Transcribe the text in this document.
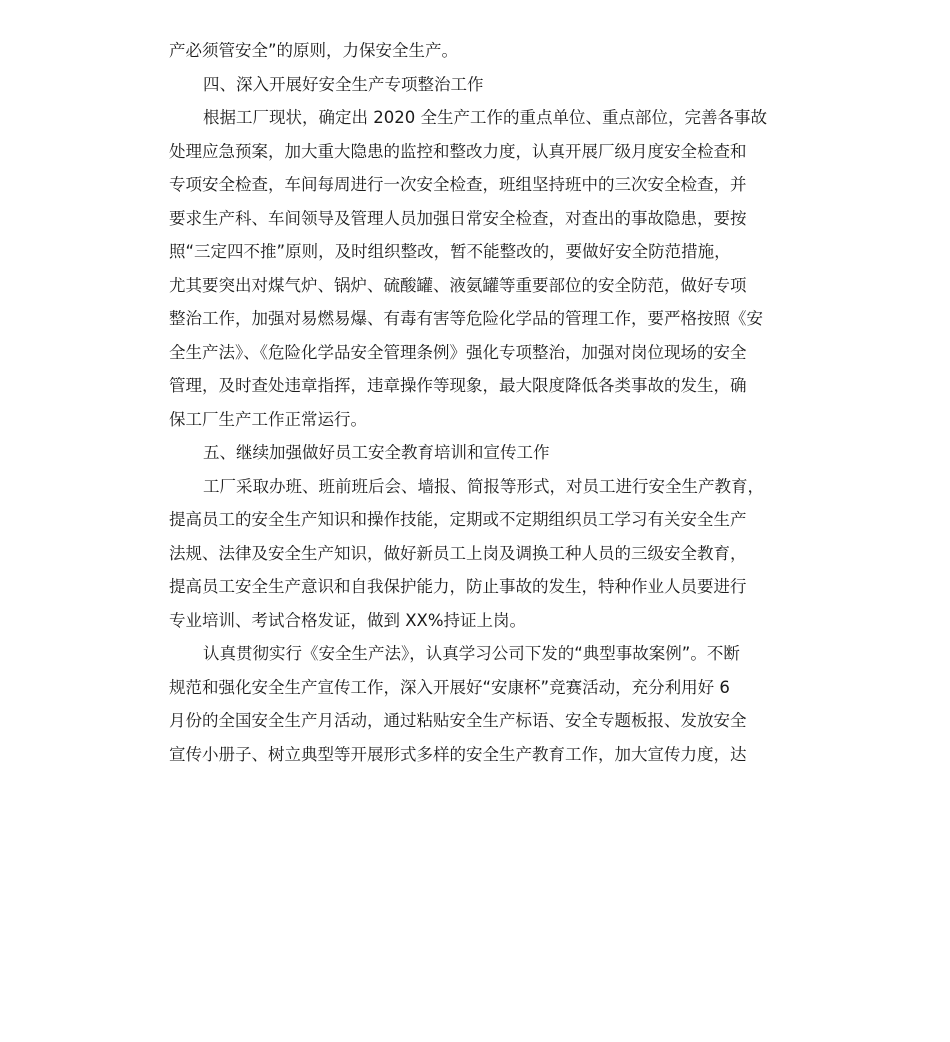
产必须管安全”的原则，力保安全生产。
四、深入开展好安全生产专项整治工作
根据工厂现状，确定出 2020 全生产工作的重点单位、重点部位，完善各事故
处理应急预案，加大重大隐患的监控和整改力度，认真开展厂级月度安全检查和
专项安全检查，车间每周进行一次安全检查，班组坚持班中的三次安全检查，并
要求生产科、车间领导及管理人员加强日常安全检查，对查出的事故隐患，要按
照“三定四不推”原则，及时组织整改，暂不能整改的，要做好安全防范措施，
尤其要突出对煤气炉、锅炉、硫酸罐、液氨罐等重要部位的安全防范，做好专项
整治工作，加强对易燃易爆、有毒有害等危险化学品的管理工作，要严格按照《安
全生产法》、《危险化学品安全管理条例》强化专项整治，加强对岗位现场的安全
管理，及时查处违章指挥，违章操作等现象，最大限度降低各类事故的发生，确
保工厂生产工作正常运行。
五、继续加强做好员工安全教育培训和宣传工作
工厂采取办班、班前班后会、墙报、简报等形式，对员工进行安全生产教育，
提高员工的安全生产知识和操作技能，定期或不定期组织员工学习有关安全生产
法规、法律及安全生产知识，做好新员工上岗及调换工种人员的三级安全教育，
提高员工安全生产意识和自我保护能力，防止事故的发生，特种作业人员要进行
专业培训、考试合格发证，做到 XX%持证上岗。
认真贯彻实行《安全生产法》，认真学习公司下发的“典型事故案例”。不断
规范和强化安全生产宣传工作，深入开展好“安康杯”竞赛活动，充分利用好 6
月份的全国安全生产月活动，通过粘贴安全生产标语、安全专题板报、发放安全
宣传小册子、树立典型等开展形式多样的安全生产教育工作，加大宣传力度，达
